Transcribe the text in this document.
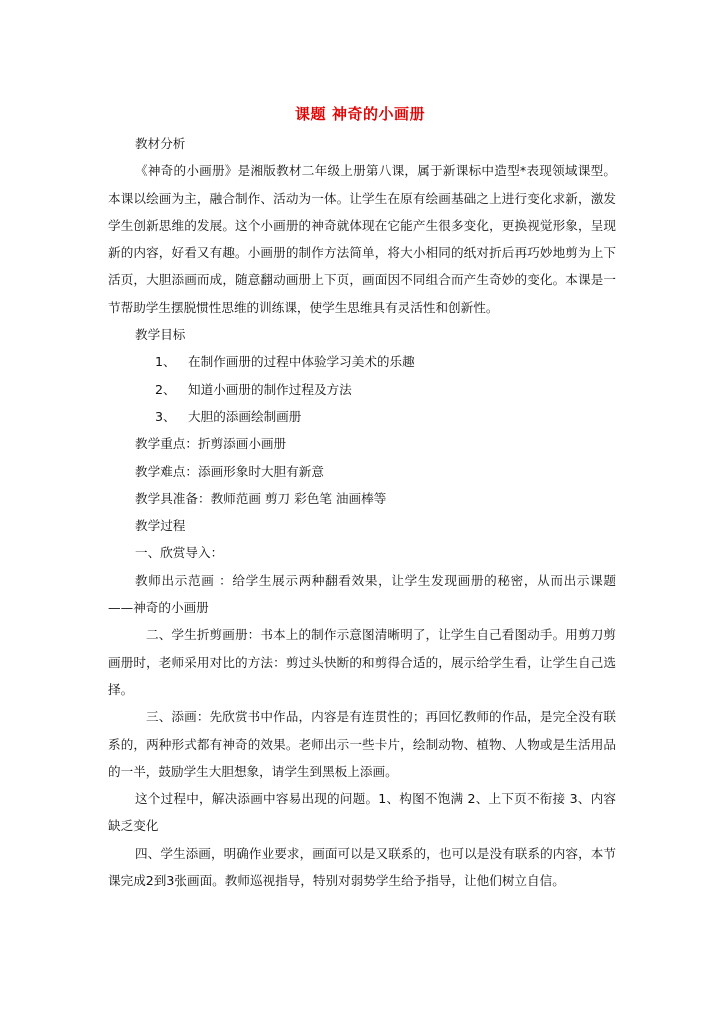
课题 神奇的小画册

教材分析

《神奇的小画册》是湘版教材二年级上册第八课，属于新课标中造型*表现领域课型。本课以绘画为主，融合制作、活动为一体。让学生在原有绘画基础之上进行变化求新，激发学生创新思维的发展。这个小画册的神奇就体现在它能产生很多变化，更换视觉形象，呈现新的内容，好看又有趣。小画册的制作方法简单，将大小相同的纸对折后再巧妙地剪为上下活页，大胆添画而成，随意翻动画册上下页，画面因不同组合而产生奇妙的变化。本课是一节帮助学生摆脱惯性思维的训练课，使学生思维具有灵活性和创新性。

教学目标

1、 在制作画册的过程中体验学习美术的乐趣

2、 知道小画册的制作过程及方法

3、 大胆的添画绘制画册

教学重点：折剪添画小画册

教学难点：添画形象时大胆有新意

教学具准备：教师范画 剪刀 彩色笔 油画棒等

教学过程

一、欣赏导入：

教师出示范画 ：给学生展示两种翻看效果，让学生发现画册的秘密，从而出示课题——神奇的小画册

二、学生折剪画册：书本上的制作示意图清晰明了，让学生自己看图动手。用剪刀剪画册时，老师采用对比的方法：剪过头快断的和剪得合适的，展示给学生看，让学生自己选择。

三、添画：先欣赏书中作品，内容是有连贯性的；再回忆教师的作品，是完全没有联系的，两种形式都有神奇的效果。老师出示一些卡片，绘制动物、植物、人物或是生活用品的一半，鼓励学生大胆想象，请学生到黑板上添画。

这个过程中，解决添画中容易出现的问题。1、构图不饱满 2、上下页不衔接 3、内容缺乏变化

四、学生添画，明确作业要求，画面可以是又联系的，也可以是没有联系的内容，本节课完成2到3张画面。教师巡视指导，特别对弱势学生给予指导，让他们树立自信。
